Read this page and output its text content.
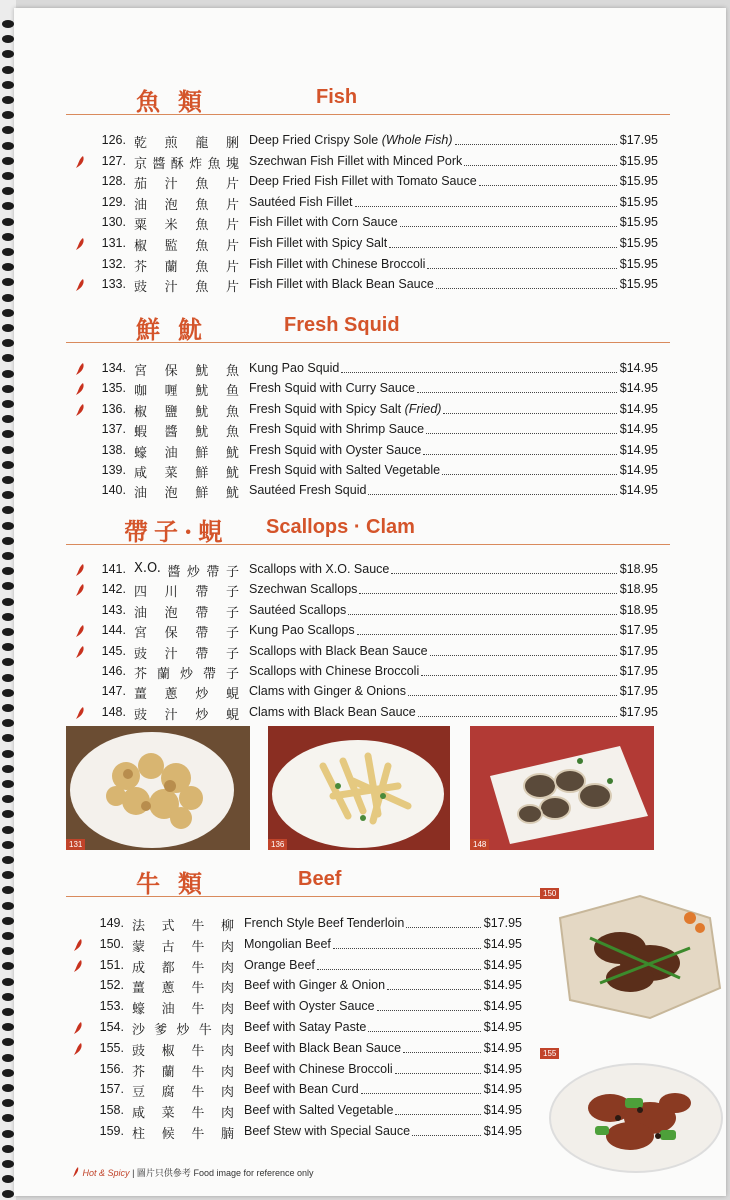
魚類	Fish
126. 乾 煎 龍 脷 Deep Fried Crispy Sole (Whole Fish)	$17.95
127. 京 醬 酥 炸 魚 塊 Szechwan Fish Fillet with Minced Pork	$15.95
128. 茄 汁 魚 片 Deep Fried Fish Fillet with Tomato Sauce	$15.95
129. 油 泡 魚 片 Sautéed Fish Fillet	$15.95
130. 粟 米 魚 片 Fish Fillet with Corn Sauce	$15.95
131. 椒 監 魚 片 Fish Fillet with Spicy Salt	$15.95
132. 芥 蘭 魚 片 Fish Fillet with Chinese Broccoli	$15.95
133. 豉 汁 魚 片 Fish Fillet with Black Bean Sauce	$15.95
鮮魷	Fresh Squid
134. 宮 保 魷 魚 Kung Pao Squid	$14.95
135. 咖 喱 魷 鱼 Fresh Squid with Curry Sauce	$14.95
136. 椒 鹽 魷 魚 Fresh Squid with Spicy Salt (Fried)	$14.95
137. 蝦 醬 魷 魚 Fresh Squid with Shrimp Sauce	$14.95
138. 蠔 油 鮮 魷 Fresh Squid with Oyster Sauce	$14.95
139. 咸 菜 鮮 魷 Fresh Squid with Salted Vegetable	$14.95
140. 油 泡 鮮 魷 Sautéed Fresh Squid	$14.95
帶子·蜆 Scallops · Clam
141. X.O. 醬 炒 帶 子 Scallops with X.O. Sauce	$18.95
142. 四 川 帶 子 Szechwan Scallops	$18.95
143. 油 泡 帶 子 Sautéed Scallops	$18.95
144. 宮 保 帶 子 Kung Pao Scallops	$17.95
145. 豉 汁 帶 子 Scallops with Black Bean Sauce	$17.95
146. 芥 蘭 炒 帶 子 Scallops with Chinese Broccoli	$17.95
147. 薑 蔥 炒 蜆 Clams with Ginger & Onions	$17.95
148. 豉 汁 炒 蜆 Clams with Black Bean Sauce	$17.95
131	136	148
牛類	Beef
149. 法 式 牛 柳 French Style Beef Tenderloin	$17.95
150. 蒙 古 牛 肉 Mongolian Beef	$14.95
151. 成 都 牛 肉 Orange Beef	$14.95
152. 薑 蔥 牛 肉 Beef with Ginger & Onion	$14.95
153. 蠔 油 牛 肉 Beef with Oyster Sauce	$14.95
154. 沙 爹 炒 牛 肉 Beef with Satay Paste	$14.95
155. 豉 椒 牛 肉 Beef with Black Bean Sauce	$14.95
156. 芥 蘭 牛 肉 Beef with Chinese Broccoli	$14.95
157. 豆 腐 牛 肉 Beef with Bean Curd	$14.95
158. 咸 菜 牛 肉 Beef with Salted Vegetable	$14.95
159. 柱 候 牛 腩 Beef Stew with Special Sauce	$14.95
150
155
Hot & Spicy | 圖片只供參考 Food image for reference only
